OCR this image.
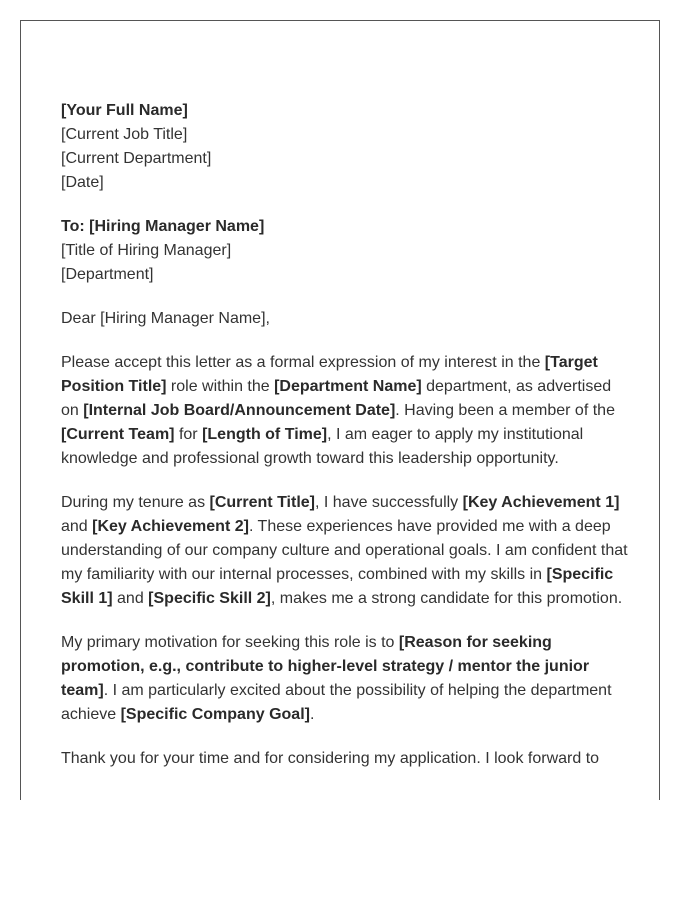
[Your Full Name]
[Current Job Title]
[Current Department]
[Date]
To: [Hiring Manager Name]
[Title of Hiring Manager]
[Department]

Dear [Hiring Manager Name],

Please accept this letter as a formal expression of my interest in the [Target Position Title] role within the [Department Name] department, as advertised on [Internal Job Board/Announcement Date]. Having been a member of the [Current Team] for [Length of Time], I am eager to apply my institutional knowledge and professional growth toward this leadership opportunity.

During my tenure as [Current Title], I have successfully [Key Achievement 1] and [Key Achievement 2]. These experiences have provided me with a deep understanding of our company culture and operational goals. I am confident that my familiarity with our internal processes, combined with my skills in [Specific Skill 1] and [Specific Skill 2], makes me a strong candidate for this promotion.

My primary motivation for seeking this role is to [Reason for seeking promotion, e.g., contribute to higher-level strategy / mentor the junior team]. I am particularly excited about the possibility of helping the department achieve [Specific Company Goal].

Thank you for your time and for considering my application. I look forward to
